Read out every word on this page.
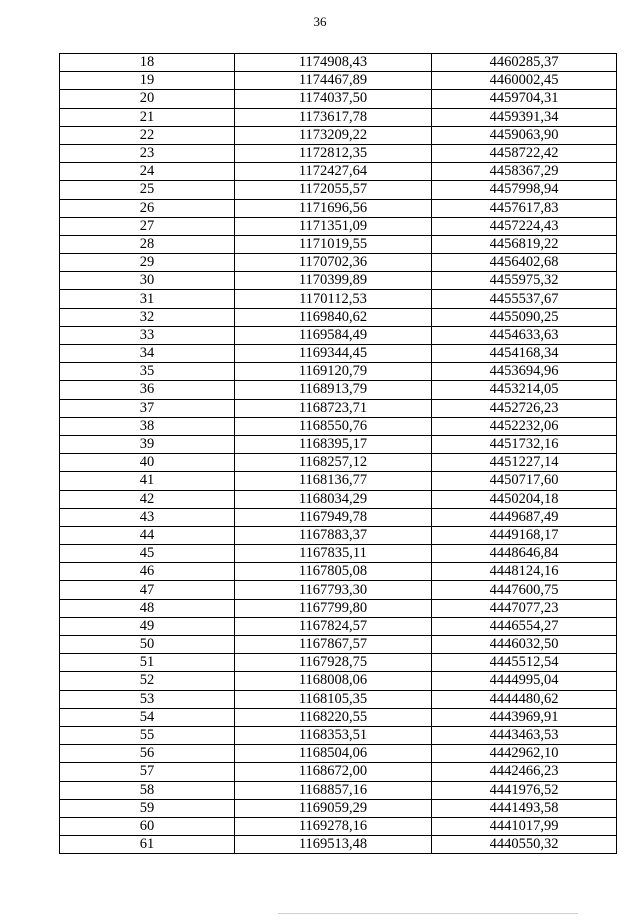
36
18	1174908,43	4460285,37
19	1174467,89	4460002,45
20	1174037,50	4459704,31
21	1173617,78	4459391,34
22	1173209,22	4459063,90
23	1172812,35	4458722,42
24	1172427,64	4458367,29
25	1172055,57	4457998,94
26	1171696,56	4457617,83
27	1171351,09	4457224,43
28	1171019,55	4456819,22
29	1170702,36	4456402,68
30	1170399,89	4455975,32
31	1170112,53	4455537,67
32	1169840,62	4455090,25
33	1169584,49	4454633,63
34	1169344,45	4454168,34
35	1169120,79	4453694,96
36	1168913,79	4453214,05
37	1168723,71	4452726,23
38	1168550,76	4452232,06
39	1168395,17	4451732,16
40	1168257,12	4451227,14
41	1168136,77	4450717,60
42	1168034,29	4450204,18
43	1167949,78	4449687,49
44	1167883,37	4449168,17
45	1167835,11	4448646,84
46	1167805,08	4448124,16
47	1167793,30	4447600,75
48	1167799,80	4447077,23
49	1167824,57	4446554,27
50	1167867,57	4446032,50
51	1167928,75	4445512,54
52	1168008,06	4444995,04
53	1168105,35	4444480,62
54	1168220,55	4443969,91
55	1168353,51	4443463,53
56	1168504,06	4442962,10
57	1168672,00	4442466,23
58	1168857,16	4441976,52
59	1169059,29	4441493,58
60	1169278,16	4441017,99
61	1169513,48	4440550,32
